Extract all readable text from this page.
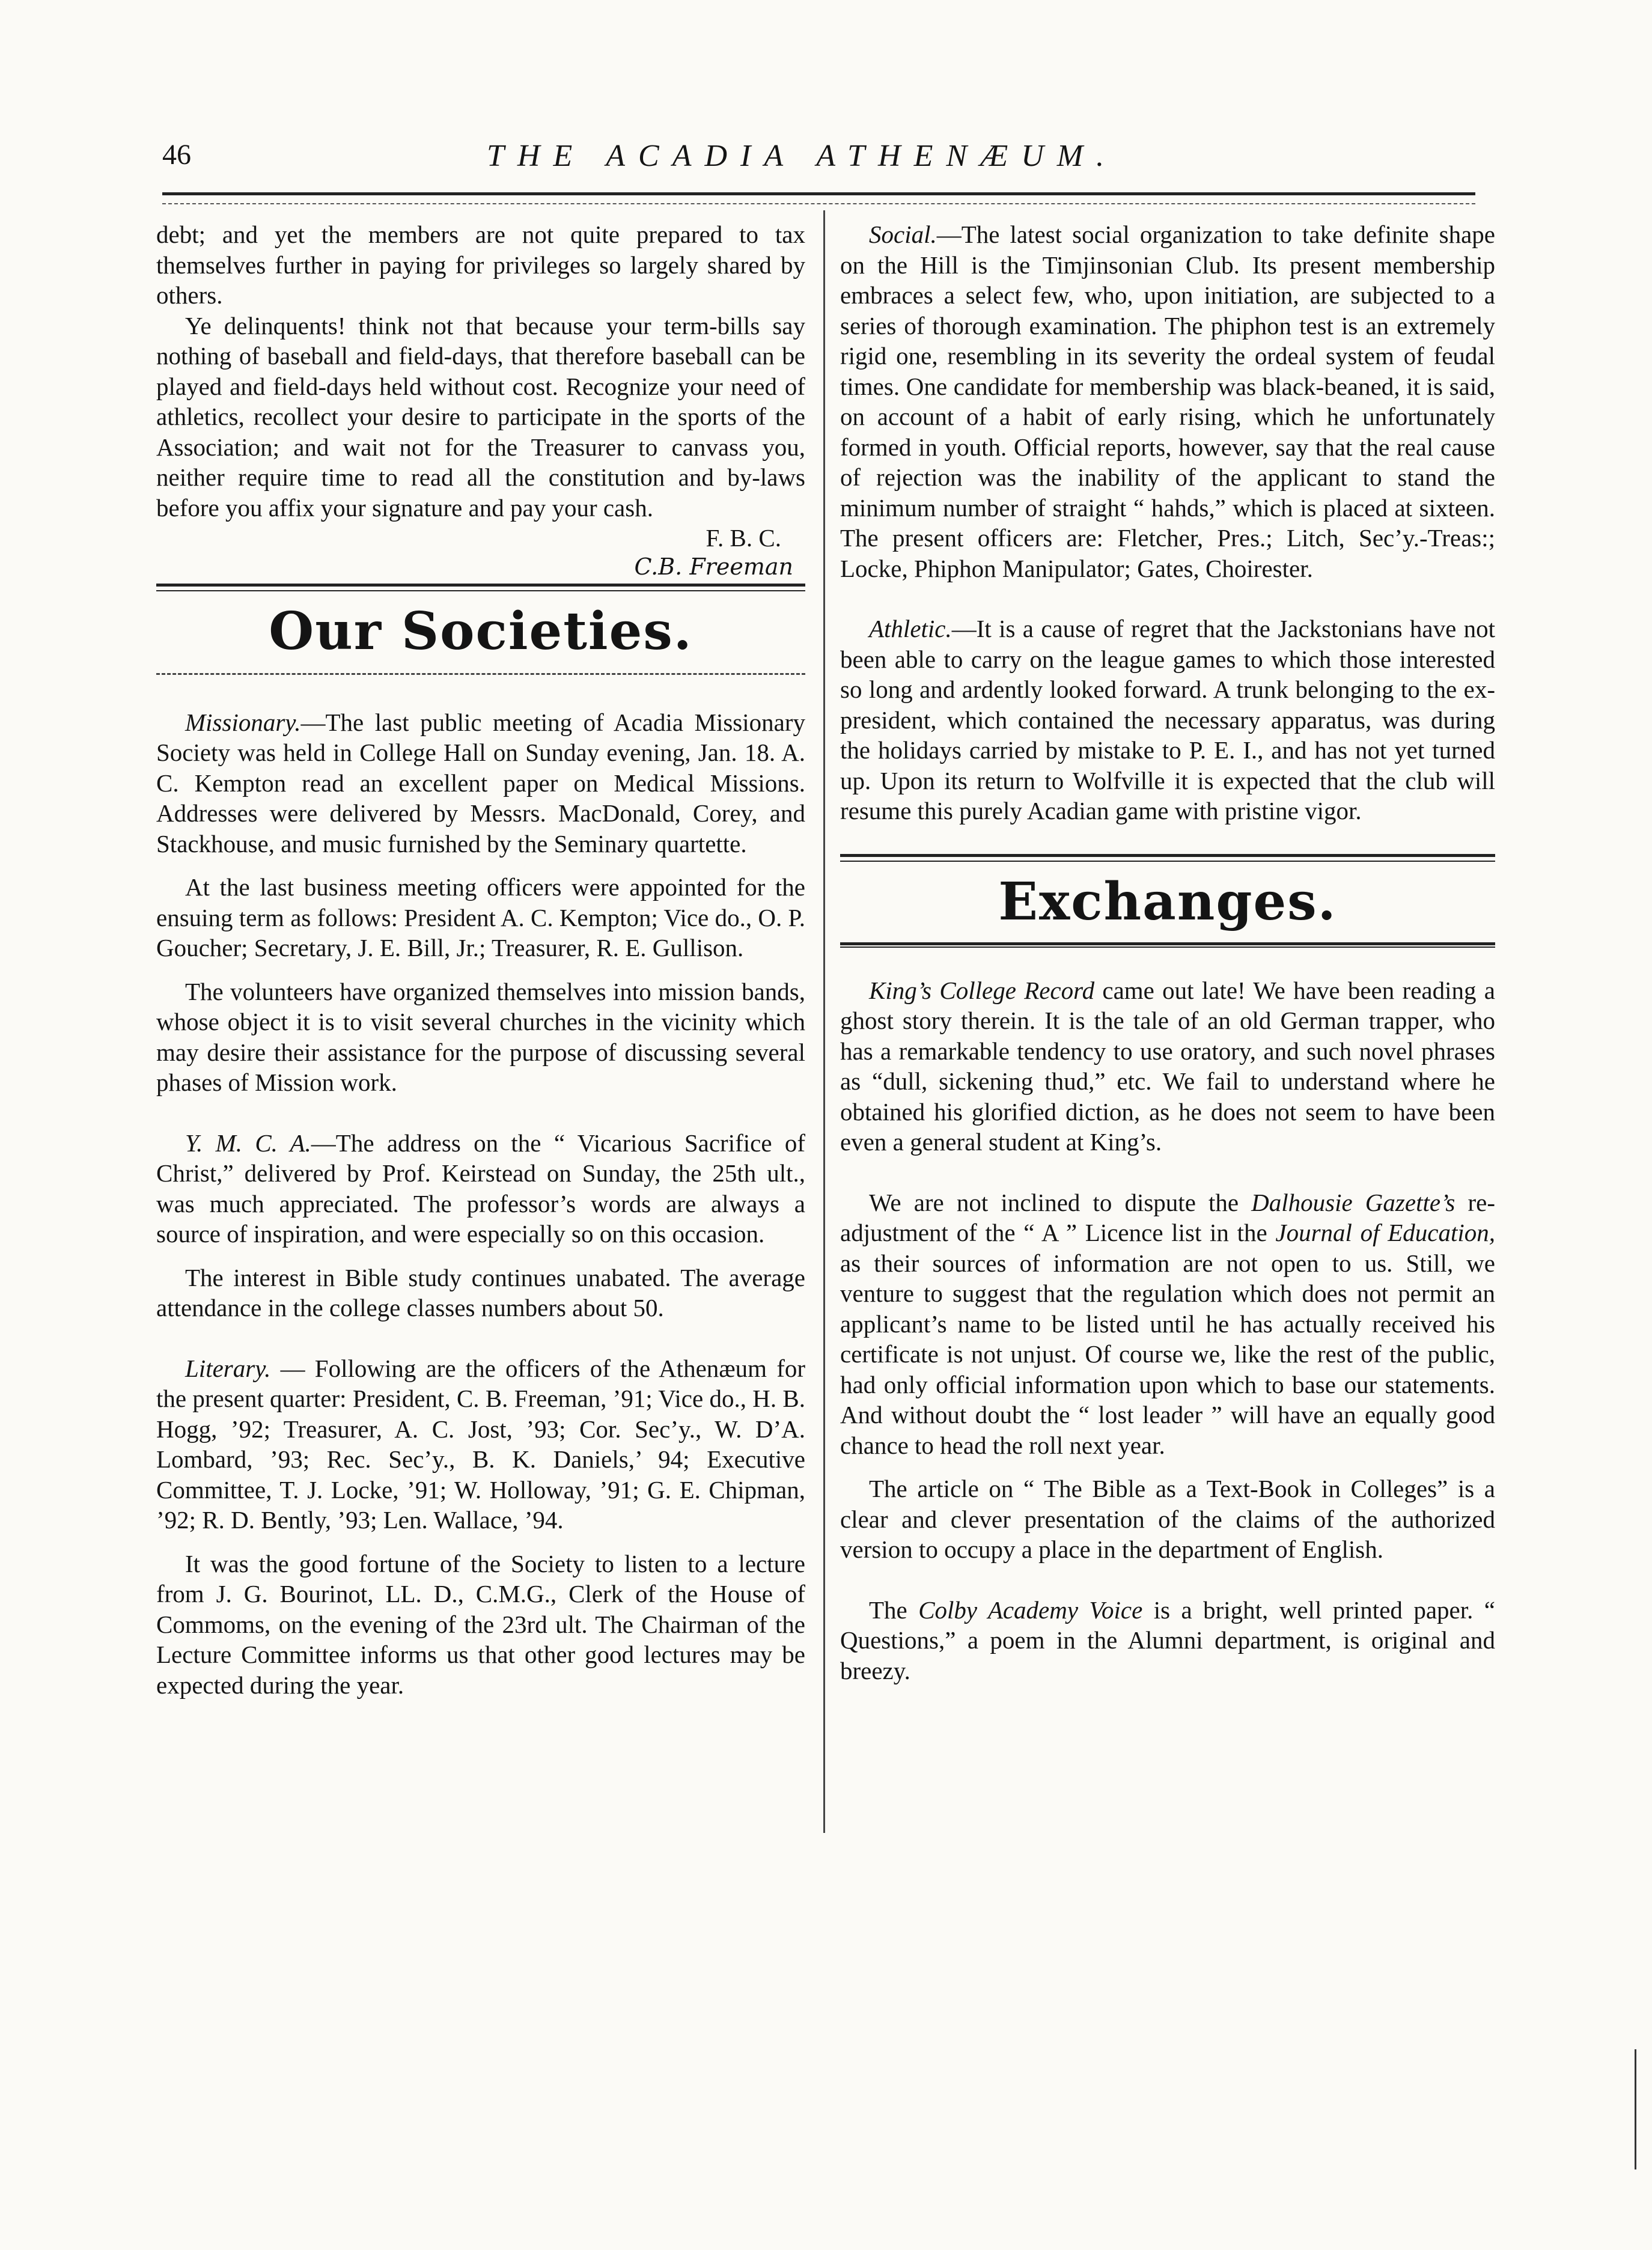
46	THE ACADIA ATHENÆUM.

debt; and yet the members are not quite prepared to tax themselves further in paying for privileges so largely shared by others.

Ye delinquents! think not that because your term-bills say nothing of baseball and field-days, that therefore baseball can be played and field-days held without cost. Recognize your need of athletics, recollect your desire to participate in the sports of the Association; and wait not for the Treasurer to canvass you, neither require time to read all the constitution and by-laws before you affix your signature and pay your cash.

F. B. C.

C.B. Freeman

Our Societies.

Missionary.—The last public meeting of Acadia Missionary Society was held in College Hall on Sunday evening, Jan. 18. A. C. Kempton read an excellent paper on Medical Missions. Addresses were delivered by Messrs. MacDonald, Corey, and Stackhouse, and music furnished by the Seminary quartette.

At the last business meeting officers were appointed for the ensuing term as follows: President A. C. Kempton; Vice do., O. P. Goucher; Secretary, J. E. Bill, Jr.; Treasurer, R. E. Gullison.

The volunteers have organized themselves into mission bands, whose object it is to visit several churches in the vicinity which may desire their assistance for the purpose of discussing several phases of Mission work.

Y. M. C. A.—The address on the “ Vicarious Sacrifice of Christ,” delivered by Prof. Keirstead on Sunday, the 25th ult., was much appreciated. The professor’s words are always a source of inspiration, and were especially so on this occasion.

The interest in Bible study continues unabated. The average attendance in the college classes numbers about 50.

Literary. — Following are the officers of the Athenæum for the present quarter: President, C. B. Freeman, ’91; Vice do., H. B. Hogg, ’92; Treasurer, A. C. Jost, ’93; Cor. Sec’y., W. D’A. Lombard, ’93; Rec. Sec’y., B. K. Daniels,’ 94; Executive Committee, T. J. Locke, ’91; W. Holloway, ’91; G. E. Chipman, ’92; R. D. Bently, ’93; Len. Wallace, ’94.

It was the good fortune of the Society to listen to a lecture from J. G. Bourinot, LL. D., C.M.G., Clerk of the House of Commoms, on the evening of the 23rd ult. The Chairman of the Lecture Committee informs us that other good lectures may be expected during the year.

Social.—The latest social organization to take definite shape on the Hill is the Timjinsonian Club. Its present membership embraces a select few, who, upon initiation, are subjected to a series of thorough examination. The phiphon test is an extremely rigid one, resembling in its severity the ordeal system of feudal times. One candidate for membership was black-beaned, it is said, on account of a habit of early rising, which he unfortunately formed in youth. Official reports, however, say that the real cause of rejection was the inability of the applicant to stand the minimum number of straight “ hahds,” which is placed at sixteen. The present officers are: Fletcher, Pres.; Litch, Sec’y.-Treas:; Locke, Phiphon Manipulator; Gates, Choirester.

Athletic.—It is a cause of regret that the Jackstonians have not been able to carry on the league games to which those interested so long and ardently looked forward. A trunk belonging to the ex-president, which contained the necessary apparatus, was during the holidays carried by mistake to P. E. I., and has not yet turned up. Upon its return to Wolfville it is expected that the club will resume this purely Acadian game with pristine vigor.

Exchanges.

King’s College Record came out late! We have been reading a ghost story therein. It is the tale of an old German trapper, who has a remarkable tendency to use oratory, and such novel phrases as “dull, sickening thud,” etc. We fail to understand where he obtained his glorified diction, as he does not seem to have been even a general student at King’s.

We are not inclined to dispute the Dalhousie Gazette’s re-adjustment of the “ A ” Licence list in the Journal of Education, as their sources of information are not open to us. Still, we venture to suggest that the regulation which does not permit an applicant’s name to be listed until he has actually received his certificate is not unjust. Of course we, like the rest of the public, had only official information upon which to base our statements. And without doubt the “ lost leader ” will have an equally good chance to head the roll next year.

The article on “ The Bible as a Text-Book in Colleges” is a clear and clever presentation of the claims of the authorized version to occupy a place in the department of English.

The Colby Academy Voice is a bright, well printed paper. “ Questions,” a poem in the Alumni department, is original and breezy.
